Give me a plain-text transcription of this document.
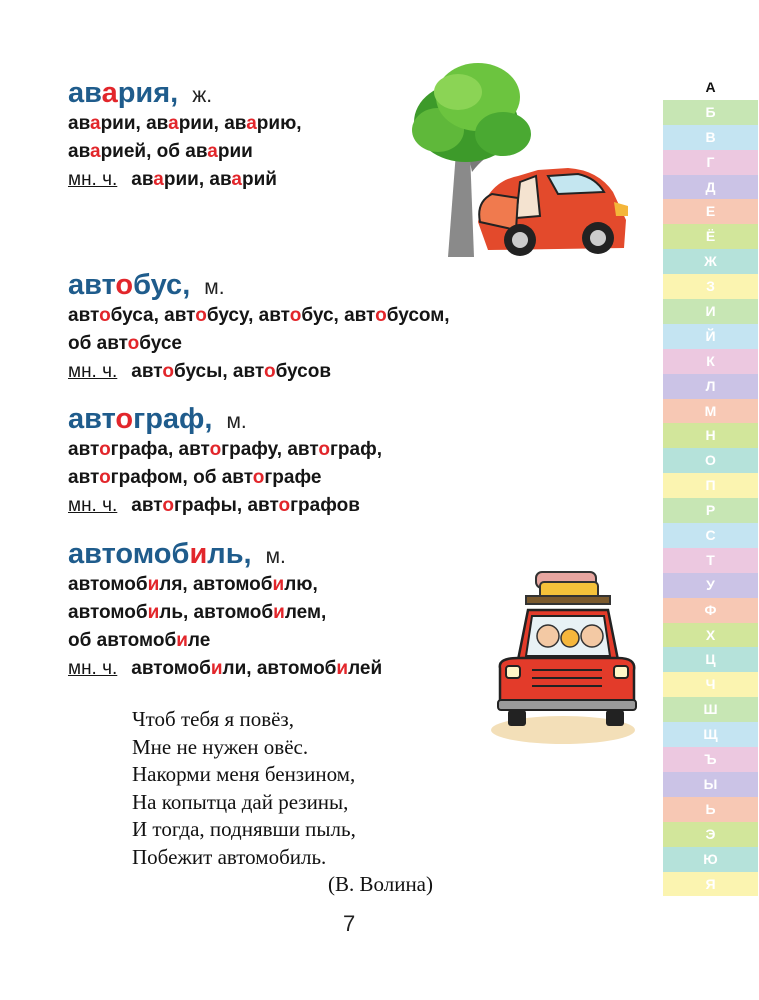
авария, ж.
аварии, аварии, аварию,
аварией, об аварии
мн. ч. аварии, аварий
автобус, м.
автобуса, автобусу, автобус, автобусом,
об автобусе
мн. ч. автобусы, автобусов
автограф, м.
автографа, автографу, автограф,
автографом, об автографе
мн. ч. автографы, автографов
автомобиль, м.
автомобиля, автомобилю,
автомобиль, автомобилем,
об автомобиле
мн. ч. автомобили, автомобилей
Чтоб тебя я повёз,
Мне не нужен овёс.
Накорми меня бензином,
На копытца дай резины,
И тогда, поднявши пыль,
Побежит автомобиль.
(В. Волина)
7
А
Б
В
Г
Д
Е
Ё
Ж
З
И
Й
К
Л
М
Н
О
П
Р
С
Т
У
Ф
Х
Ц
Ч
Ш
Щ
Ъ
Ы
Ь
Э
Ю
Я
